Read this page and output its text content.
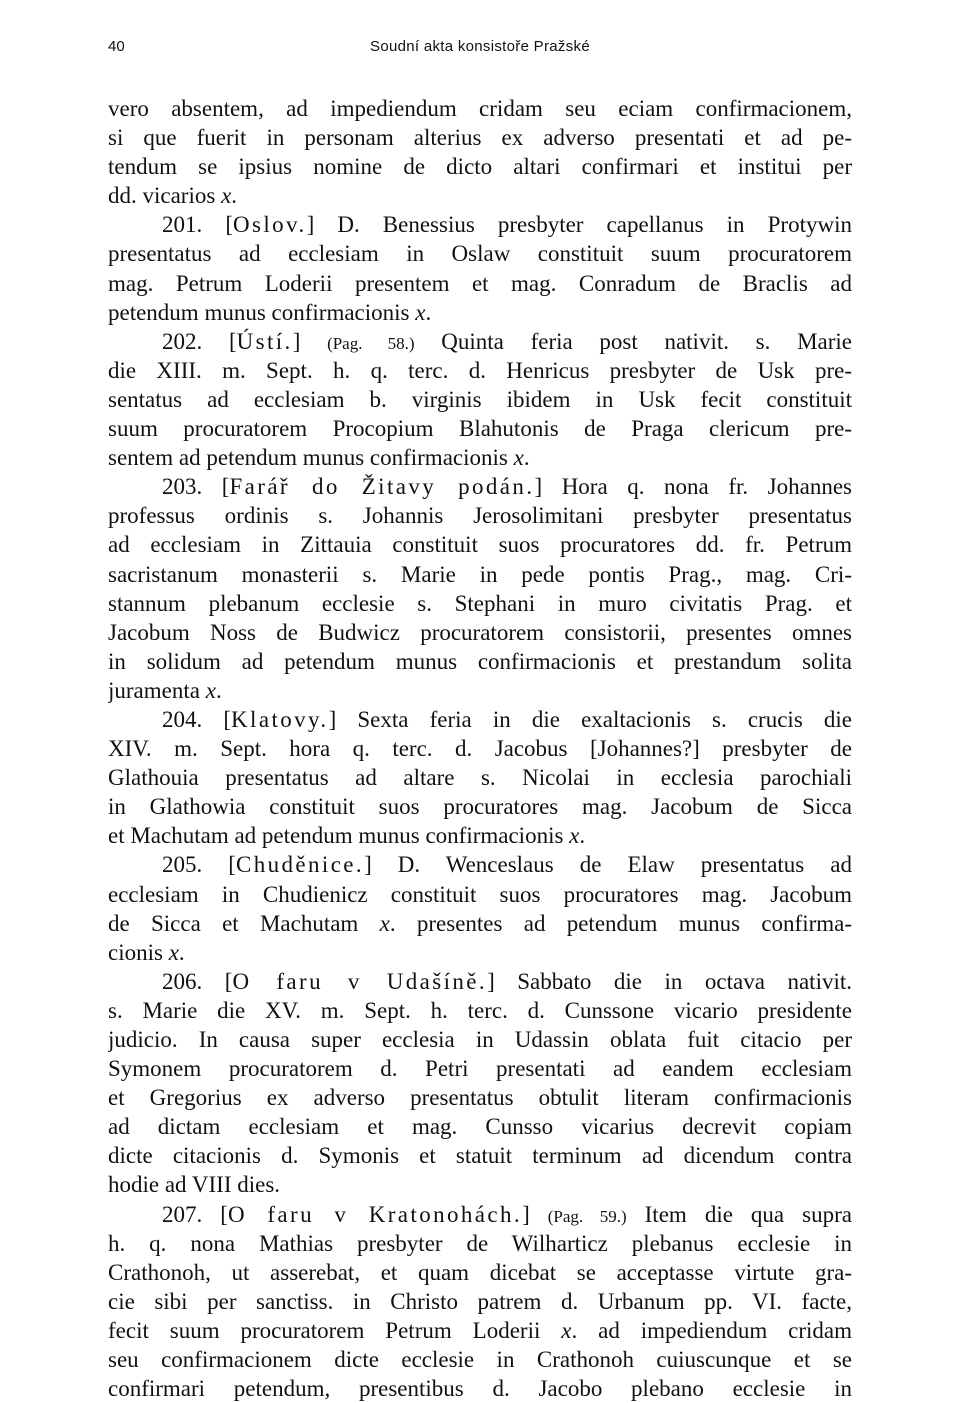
40	Soudní akta konsistoře Pražské
vero absentem, ad impediendum cridam seu eciam confirmacionem,
si que fuerit in personam alterius ex adverso presentati et ad pe-
tendum se ipsius nomine de dicto altari confirmari et institui per
dd. vicarios x.
201. [Oslov.] D. Benessius presbyter capellanus in Protywin
presentatus ad ecclesiam in Oslaw constituit suum procuratorem
mag. Petrum Loderii presentem et mag. Conradum de Braclis ad
petendum munus confirmacionis x.
202. [Ústí.] (Pag. 58.) Quinta feria post nativit. s. Marie
die XIII. m. Sept. h. q. terc. d. Henricus presbyter de Usk pre-
sentatus ad ecclesiam b. virginis ibidem in Usk fecit constituit
suum procuratorem Procopium Blahutonis de Praga clericum pre-
sentem ad petendum munus confirmacionis x.
203. [Farář do Žitavy podán.] Hora q. nona fr. Johannes
professus ordinis s. Johannis Jerosolimitani presbyter presentatus
ad ecclesiam in Zittauia constituit suos procuratores dd. fr. Petrum
sacristanum monasterii s. Marie in pede pontis Prag., mag. Cri-
stannum plebanum ecclesie s. Stephani in muro civitatis Prag. et
Jacobum Noss de Budwicz procuratorem consistorii, presentes omnes
in solidum ad petendum munus confirmacionis et prestandum solita
juramenta x.
204. [Klatovy.] Sexta feria in die exaltacionis s. crucis die
XIV. m. Sept. hora q. terc. d. Jacobus [Johannes?] presbyter de
Glathouia presentatus ad altare s. Nicolai in ecclesia parochiali
in Glathowia constituit suos procuratores mag. Jacobum de Sicca
et Machutam ad petendum munus confirmacionis x.
205. [Chuděnice.] D. Wenceslaus de Elaw presentatus ad
ecclesiam in Chudienicz constituit suos procuratores mag. Jacobum
de Sicca et Machutam x. presentes ad petendum munus confirma-
cionis x.
206. [O faru v Udašíně.] Sabbato die in octava nativit.
s. Marie die XV. m. Sept. h. terc. d. Cunssone vicario presidente
judicio. In causa super ecclesia in Udassin oblata fuit citacio per
Symonem procuratorem d. Petri presentati ad eandem ecclesiam
et Gregorius ex adverso presentatus obtulit literam confirmacionis
ad dictam ecclesiam et mag. Cunsso vicarius decrevit copiam
dicte citacionis d. Symonis et statuit terminum ad dicendum contra
hodie ad VIII dies.
207. [O faru v Kratonohách.] (Pag. 59.) Item die qua supra
h. q. nona Mathias presbyter de Wilharticz plebanus ecclesie in
Crathonoh, ut asserebat, et quam dicebat se acceptasse virtute gra-
cie sibi per sanctiss. in Christo patrem d. Urbanum pp. VI. facte,
fecit suum procuratorem Petrum Loderii x. ad impediendum cridam
seu confirmacionem dicte ecclesie in Crathonoh cuiuscunque et se
confirmari petendum, presentibus d. Jacobo plebano ecclesie in
